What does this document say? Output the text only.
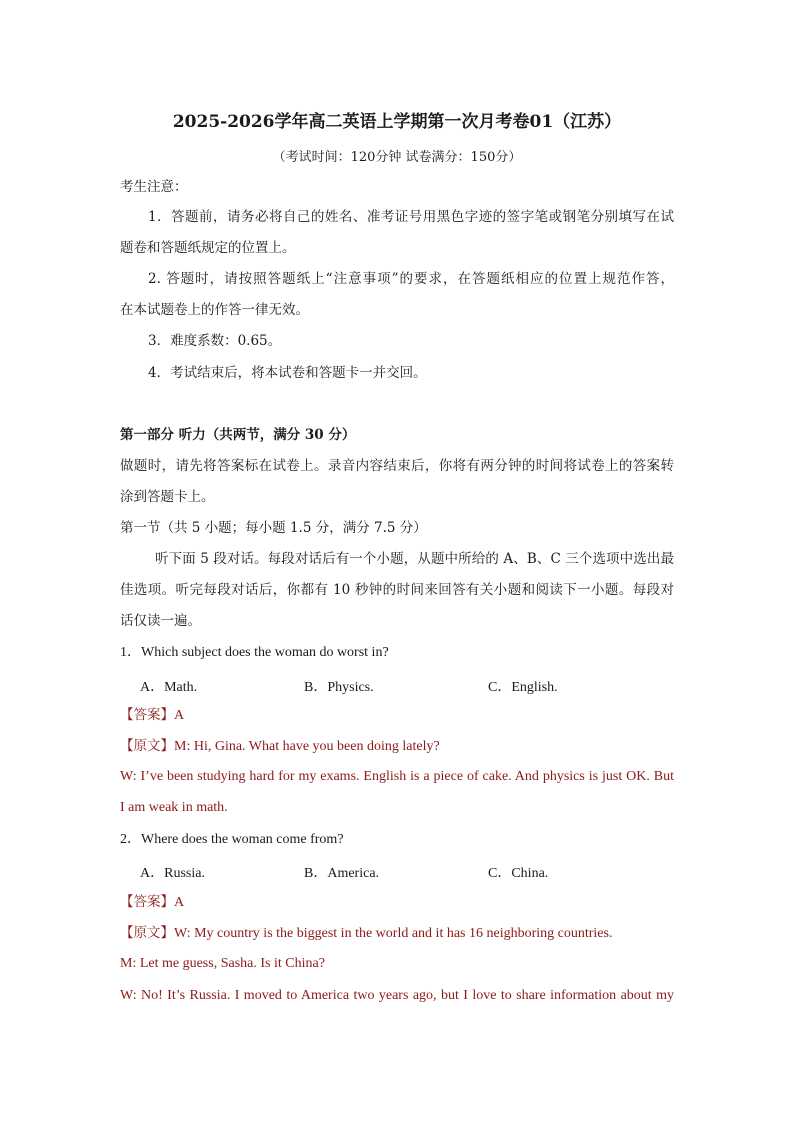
2025-2026学年高二英语上学期第一次月考卷01（江苏）
（考试时间：120分钟 试卷满分：150分）
考生注意：
1．答题前，请务必将自己的姓名、准考证号用黑色字迹的签字笔或钢笔分别填写在试
题卷和答题纸规定的位置上。
2. 答题时，请按照答题纸上“注意事项”的要求，在答题纸相应的位置上规范作答，
在本试题卷上的作答一律无效。
3．难度系数：0.65。
4．考试结束后，将本试卷和答题卡一并交回。
第一部分 听力（共两节，满分 30 分）
做题时，请先将答案标在试卷上。录音内容结束后，你将有两分钟的时间将试卷上的答案转
涂到答题卡上。
第一节（共 5 小题；每小题 1.5 分，满分 7.5 分）
听下面 5 段对话。每段对话后有一个小题，从题中所给的 A、B、C 三个选项中选出最
佳选项。听完每段对话后，你都有 10 秒钟的时间来回答有关小题和阅读下一小题。每段对
话仅读一遍。
1．Which subject does the woman do worst in?
A．Math.	B．Physics.	C．English.
【答案】A
【原文】M: Hi, Gina. What have you been doing lately?
W: I’ve been studying hard for my exams. English is a piece of cake. And physics is just OK. But
I am weak in math.
2．Where does the woman come from?
A．Russia.	B．America.	C．China.
【答案】A
【原文】W: My country is the biggest in the world and it has 16 neighboring countries.
M: Let me guess, Sasha. Is it China?
W: No! It’s Russia. I moved to America two years ago, but I love to share information about my
